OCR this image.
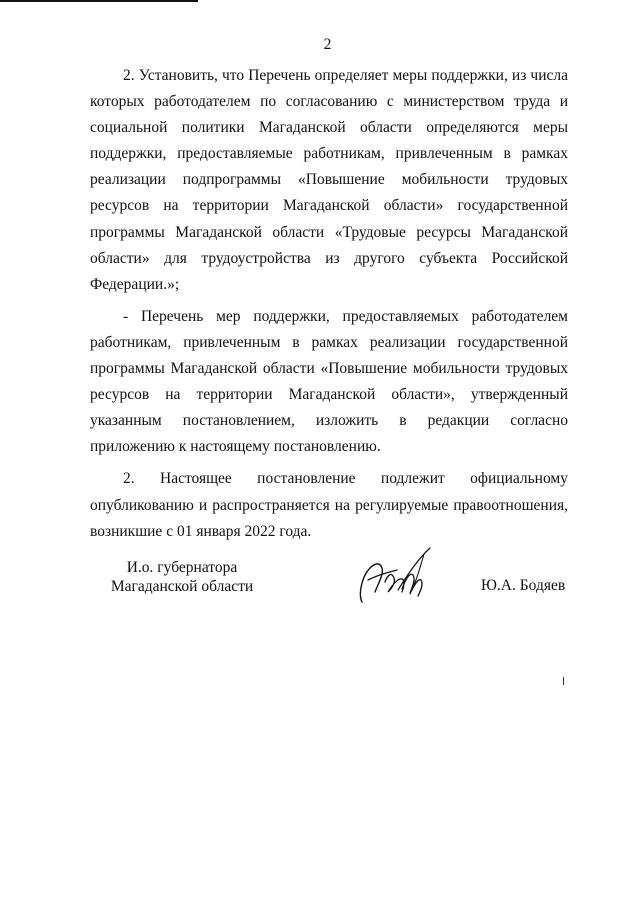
2

2. Установить, что Перечень определяет меры поддержки, из числа которых работодателем по согласованию с министерством труда и социальной политики Магаданской области определяются меры поддержки, предоставляемые работникам, привлеченным в рамках реализации подпрограммы «Повышение мобильности трудовых ресурсов на территории Магаданской области» государственной программы Магаданской области «Трудовые ресурсы Магаданской области» для трудоустройства из другого субъекта Российской Федерации.»;

- Перечень мер поддержки, предоставляемых работодателем работникам, привлеченным в рамках реализации государственной программы Магаданской области «Повышение мобильности трудовых ресурсов на территории Магаданской области», утвержденный указанным постановлением, изложить в редакции согласно приложению к настоящему постановлению.

2. Настоящее постановление подлежит официальному опубликованию и распространяется на регулируемые правоотношения, возникшие с 01 января 2022 года.

И.о. губернатора
Магаданской области	Ю.А. Бодяев
